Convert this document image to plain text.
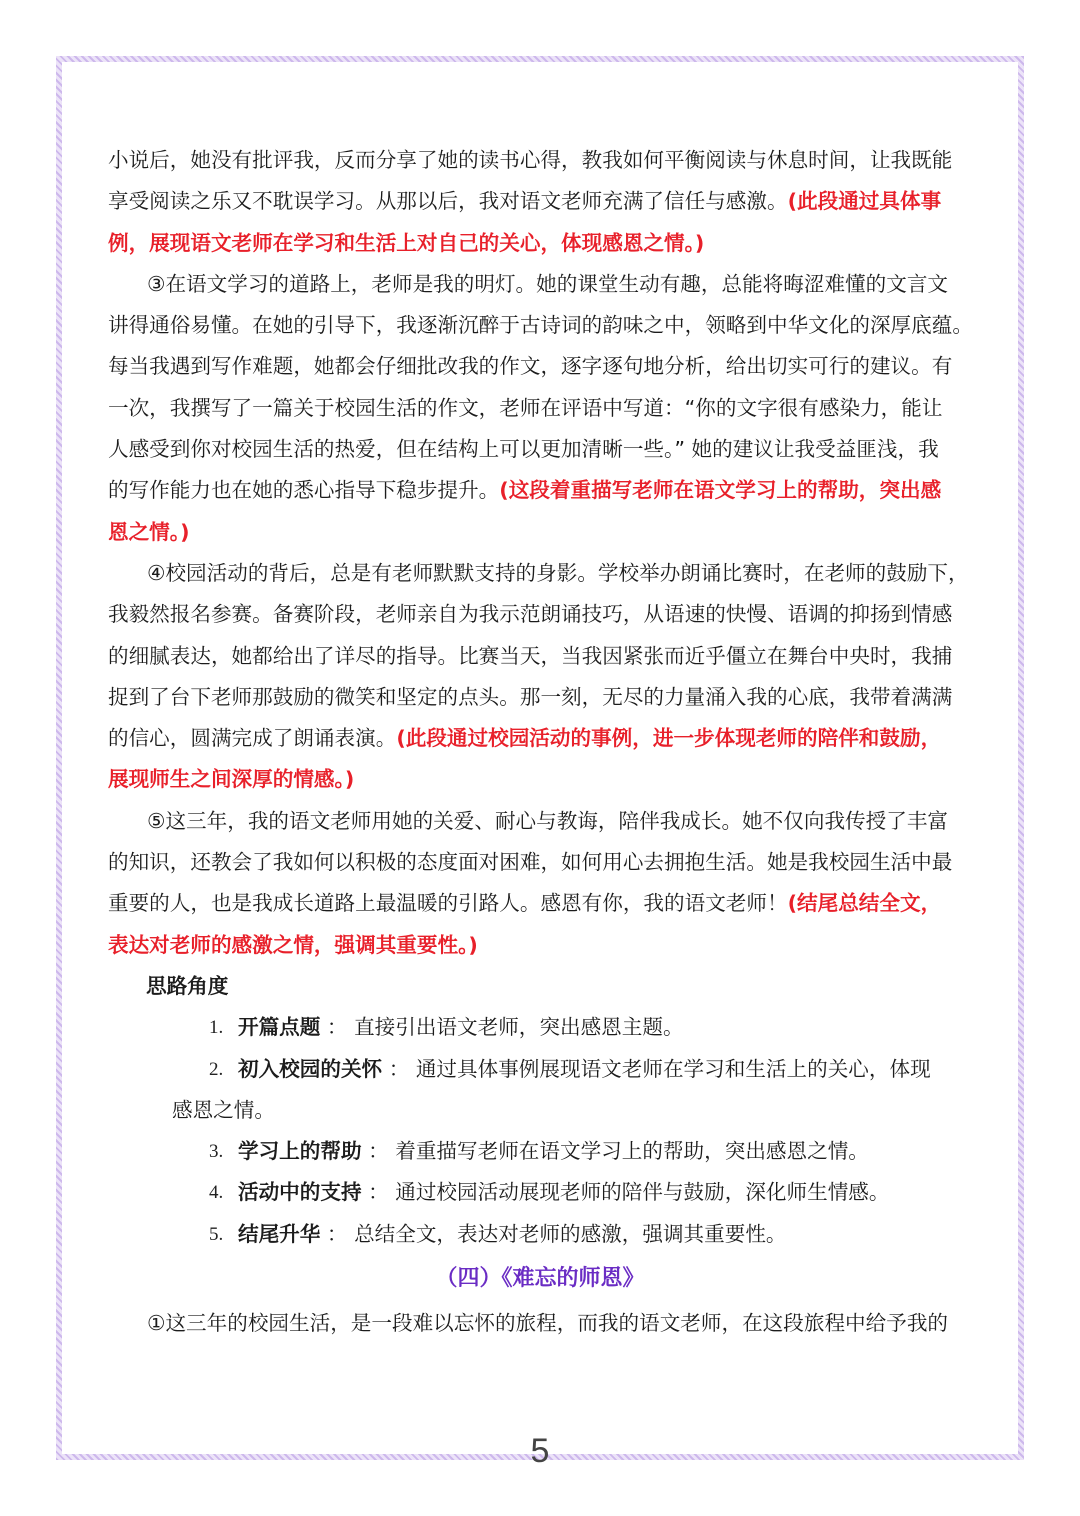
小说后，她没有批评我，反而分享了她的读书心得，教我如何平衡阅读与休息时间，让我既能
享受阅读之乐又不耽误学习。从那以后，我对语文老师充满了信任与感激。(此段通过具体事
例，展现语文老师在学习和生活上对自己的关心，体现感恩之情。)
③在语文学习的道路上，老师是我的明灯。她的课堂生动有趣，总能将晦涩难懂的文言文
讲得通俗易懂。在她的引导下，我逐渐沉醉于古诗词的韵味之中，领略到中华文化的深厚底蕴。
每当我遇到写作难题，她都会仔细批改我的作文，逐字逐句地分析，给出切实可行的建议。有
一次，我撰写了一篇关于校园生活的作文，老师在评语中写道：“你的文字很有感染力，能让
人感受到你对校园生活的热爱，但在结构上可以更加清晰一些。” 她的建议让我受益匪浅，我
的写作能力也在她的悉心指导下稳步提升。(这段着重描写老师在语文学习上的帮助，突出感
恩之情。)
④校园活动的背后，总是有老师默默支持的身影。学校举办朗诵比赛时，在老师的鼓励下，
我毅然报名参赛。备赛阶段，老师亲自为我示范朗诵技巧，从语速的快慢、语调的抑扬到情感
的细腻表达，她都给出了详尽的指导。比赛当天，当我因紧张而近乎僵立在舞台中央时，我捕
捉到了台下老师那鼓励的微笑和坚定的点头。那一刻，无尽的力量涌入我的心底，我带着满满
的信心，圆满完成了朗诵表演。(此段通过校园活动的事例，进一步体现老师的陪伴和鼓励，
展现师生之间深厚的情感。)
⑤这三年，我的语文老师用她的关爱、耐心与教诲，陪伴我成长。她不仅向我传授了丰富
的知识，还教会了我如何以积极的态度面对困难，如何用心去拥抱生活。她是我校园生活中最
重要的人，也是我成长道路上最温暖的引路人。感恩有你，我的语文老师！(结尾总结全文，
表达对老师的感激之情，强调其重要性。)
思路角度
1. 开篇点题 ： 直接引出语文老师，突出感恩主题。
2. 初入校园的关怀 ： 通过具体事例展现语文老师在学习和生活上的关心，体现
感恩之情。
3. 学习上的帮助 ： 着重描写老师在语文学习上的帮助，突出感恩之情。
4. 活动中的支持 ： 通过校园活动展现老师的陪伴与鼓励，深化师生情感。
5. 结尾升华 ： 总结全文，表达对老师的感激，强调其重要性。
（四）《难忘的师恩》
①这三年的校园生活，是一段难以忘怀的旅程，而我的语文老师，在这段旅程中给予我的
5
